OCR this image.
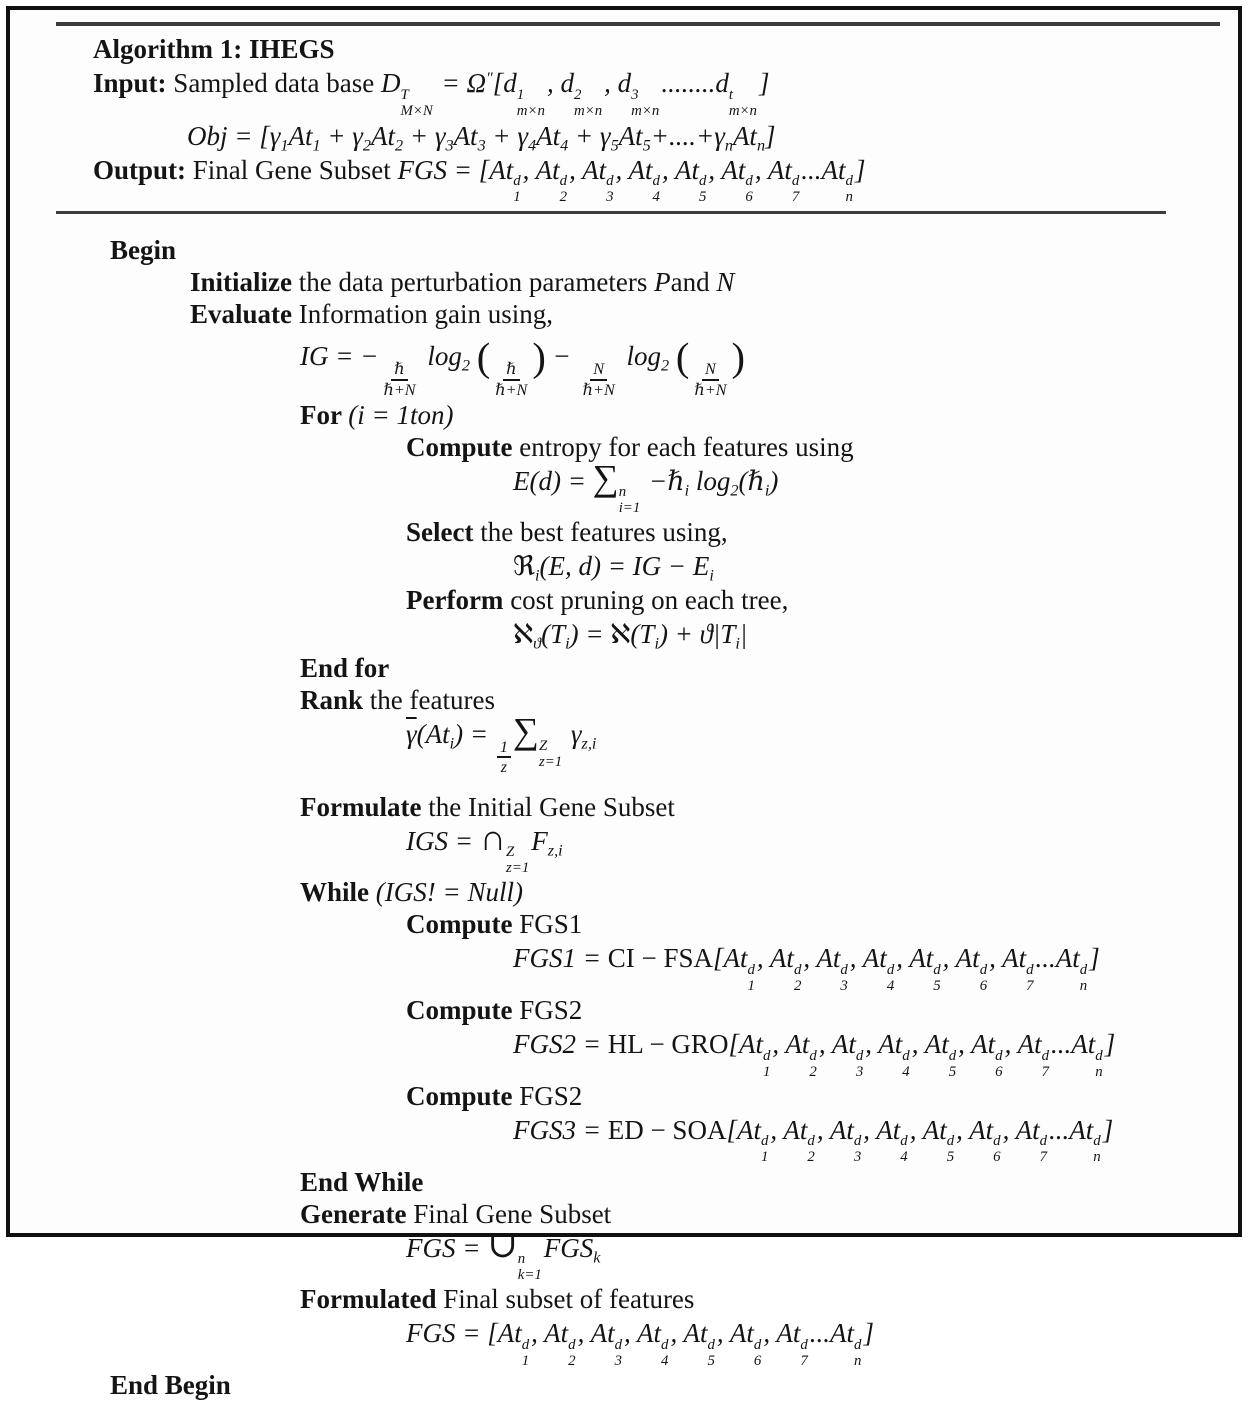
Algorithm 1: IHEGS
Input: Sampled data base D T
M×N
= Ω″[d 1
m×n
, d 2
m×n
, d 3
m×n
........d t
m×n
]
Obj = $[\gamma_1At_1 + \gamma_2At_2 + \gamma_3At_3 + \gamma_4At_4 + \gamma_5At_5+....+\gamma_nAt_n]$
Output: Final Gene Subset FGS = [At d
1
, At d
2
, At d
3
, At d
4
, At d
5
, At d
6
, At d
7
...At d
n
]
Begin
Initialize the data perturbation parameters Pand N
Evaluate Information gain using,
IG = −
$\frac{\text{ℏ}}{\text{ℏ+N}}$
$\log_2$ ( $\frac{\text{ℏ}}{\text{ℏ+N}}$ ) −
$\frac{N}{\text{ℏ+N}}$
$\log_2$ ( $\frac{N}{\text{ℏ+N}}$ )
For (i = 1ton)
Compute entropy for each features using
E(d) = ∑ n
i=1
−ℏ$_i$ $\log_2(\hbar_i)$
Select the best features using,
ℜ$_i$(E, d) = IG − $E_i$
Perform cost pruning on each tree,
$ℵ_ϑ(T_i)$ = $ℵ(T_i) + ϑ|T_i|$
End for
Rank the features
$\overline{\gamma}(At_i)$ =
$\frac{1}{z}$
∑ Z
z=1
$\gamma_{z,i}$
Formulate the Initial Gene Subset
IGS = ∩ Z
z=1
$F_{z,i}$
While (IGS! = Null)
Compute FGS1
FGS1 = CI − FSA[At d
1
, At d
2
, At d
3
, At d
4
, At d
5
, At d
6
, At d
7
...At d
n
]
Compute FGS2
FGS2 = HL − GRO[At d
1
, At d
2
, At d
3
, At d
4
, At d
5
, At d
6
, At d
7
...At d
n
]
Compute FGS2
FGS3 = ED − SOA[At d
1
, At d
2
, At d
3
, At d
4
, At d
5
, At d
6
, At d
7
...At d
n
]
End While
Generate Final Gene Subset
FGS = ∪ n
k=1
$FGS_k$
Formulated Final subset of features
FGS = [At d
1
, At d
2
, At d
3
, At d
4
, At d
5
, At d
6
, At d
7
...At d
n
]
End Begin
